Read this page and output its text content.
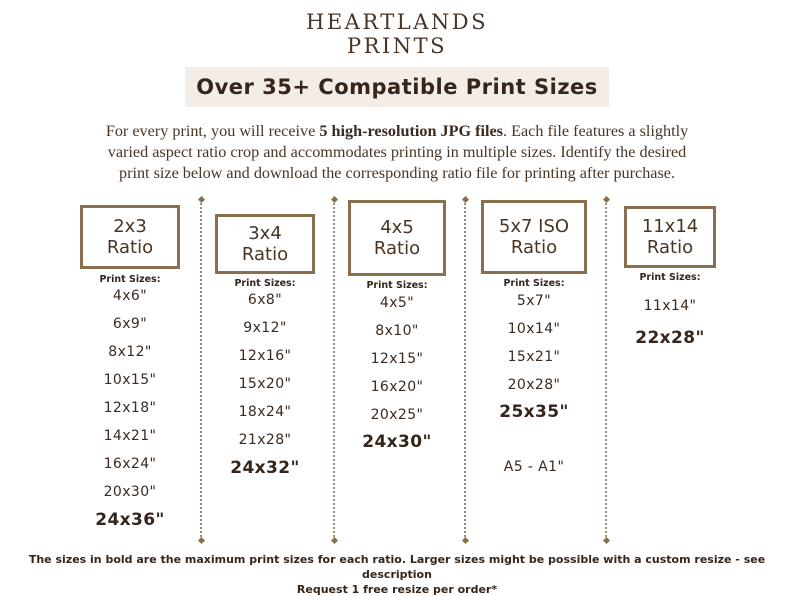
HEARTLANDS
PRINTS
Over 35+ Compatible Print Sizes
For every print, you will receive 5 high-resolution JPG files. Each file features a slightly
varied aspect ratio crop and accommodates printing in multiple sizes. Identify the desired
print size below and download the corresponding ratio file for printing after purchase.
2x3
Ratio
Print Sizes:
4x6"
6x9"
8x12"
10x15"
12x18"
14x21"
16x24"
20x30"
24x36"
3x4
Ratio
Print Sizes:
6x8"
9x12"
12x16"
15x20"
18x24"
21x28"
24x32"
4x5
Ratio
Print Sizes:
4x5"
8x10"
12x15"
16x20"
20x25"
24x30"
5x7 ISO
Ratio
Print Sizes:
5x7"
10x14"
15x21"
20x28"
25x35"
A5 - A1"
11x14
Ratio
Print Sizes:
11x14"
22x28"
The sizes in bold are the maximum print sizes for each ratio. Larger sizes might be possible with a custom resize - see description
Request 1 free resize per order*
